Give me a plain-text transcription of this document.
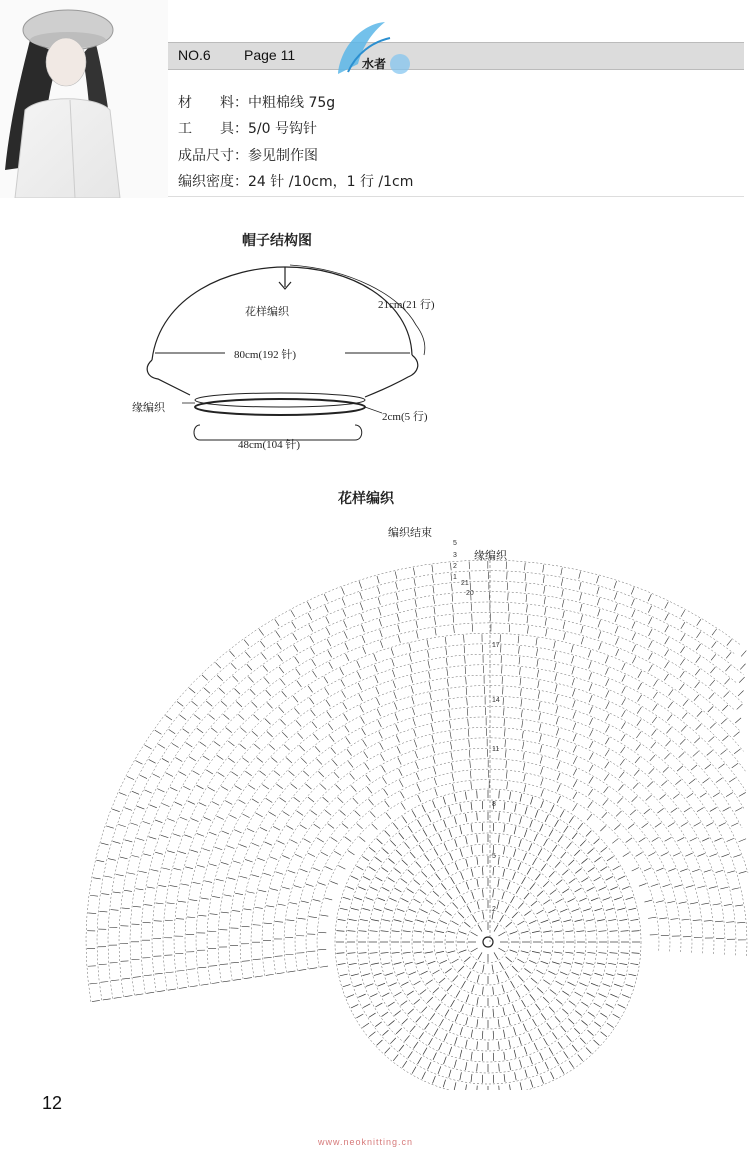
NO.6 Page 11
水者
材　　料：中粗棉线 75g
工　　具：5/0 号钩针
成品尺寸：参见制作图
编织密度：24 针 /10cm，1 行 /1cm
帽子结构图
花样编织
21cm(21 行)
80cm(192 针)
缘编织
2cm(5 行)
48cm(104 针)
花样编织
编织结束
缘编织
5
3
2
1
21
20
17
14
11
8
5
2
12
www.neoknitting.cn
